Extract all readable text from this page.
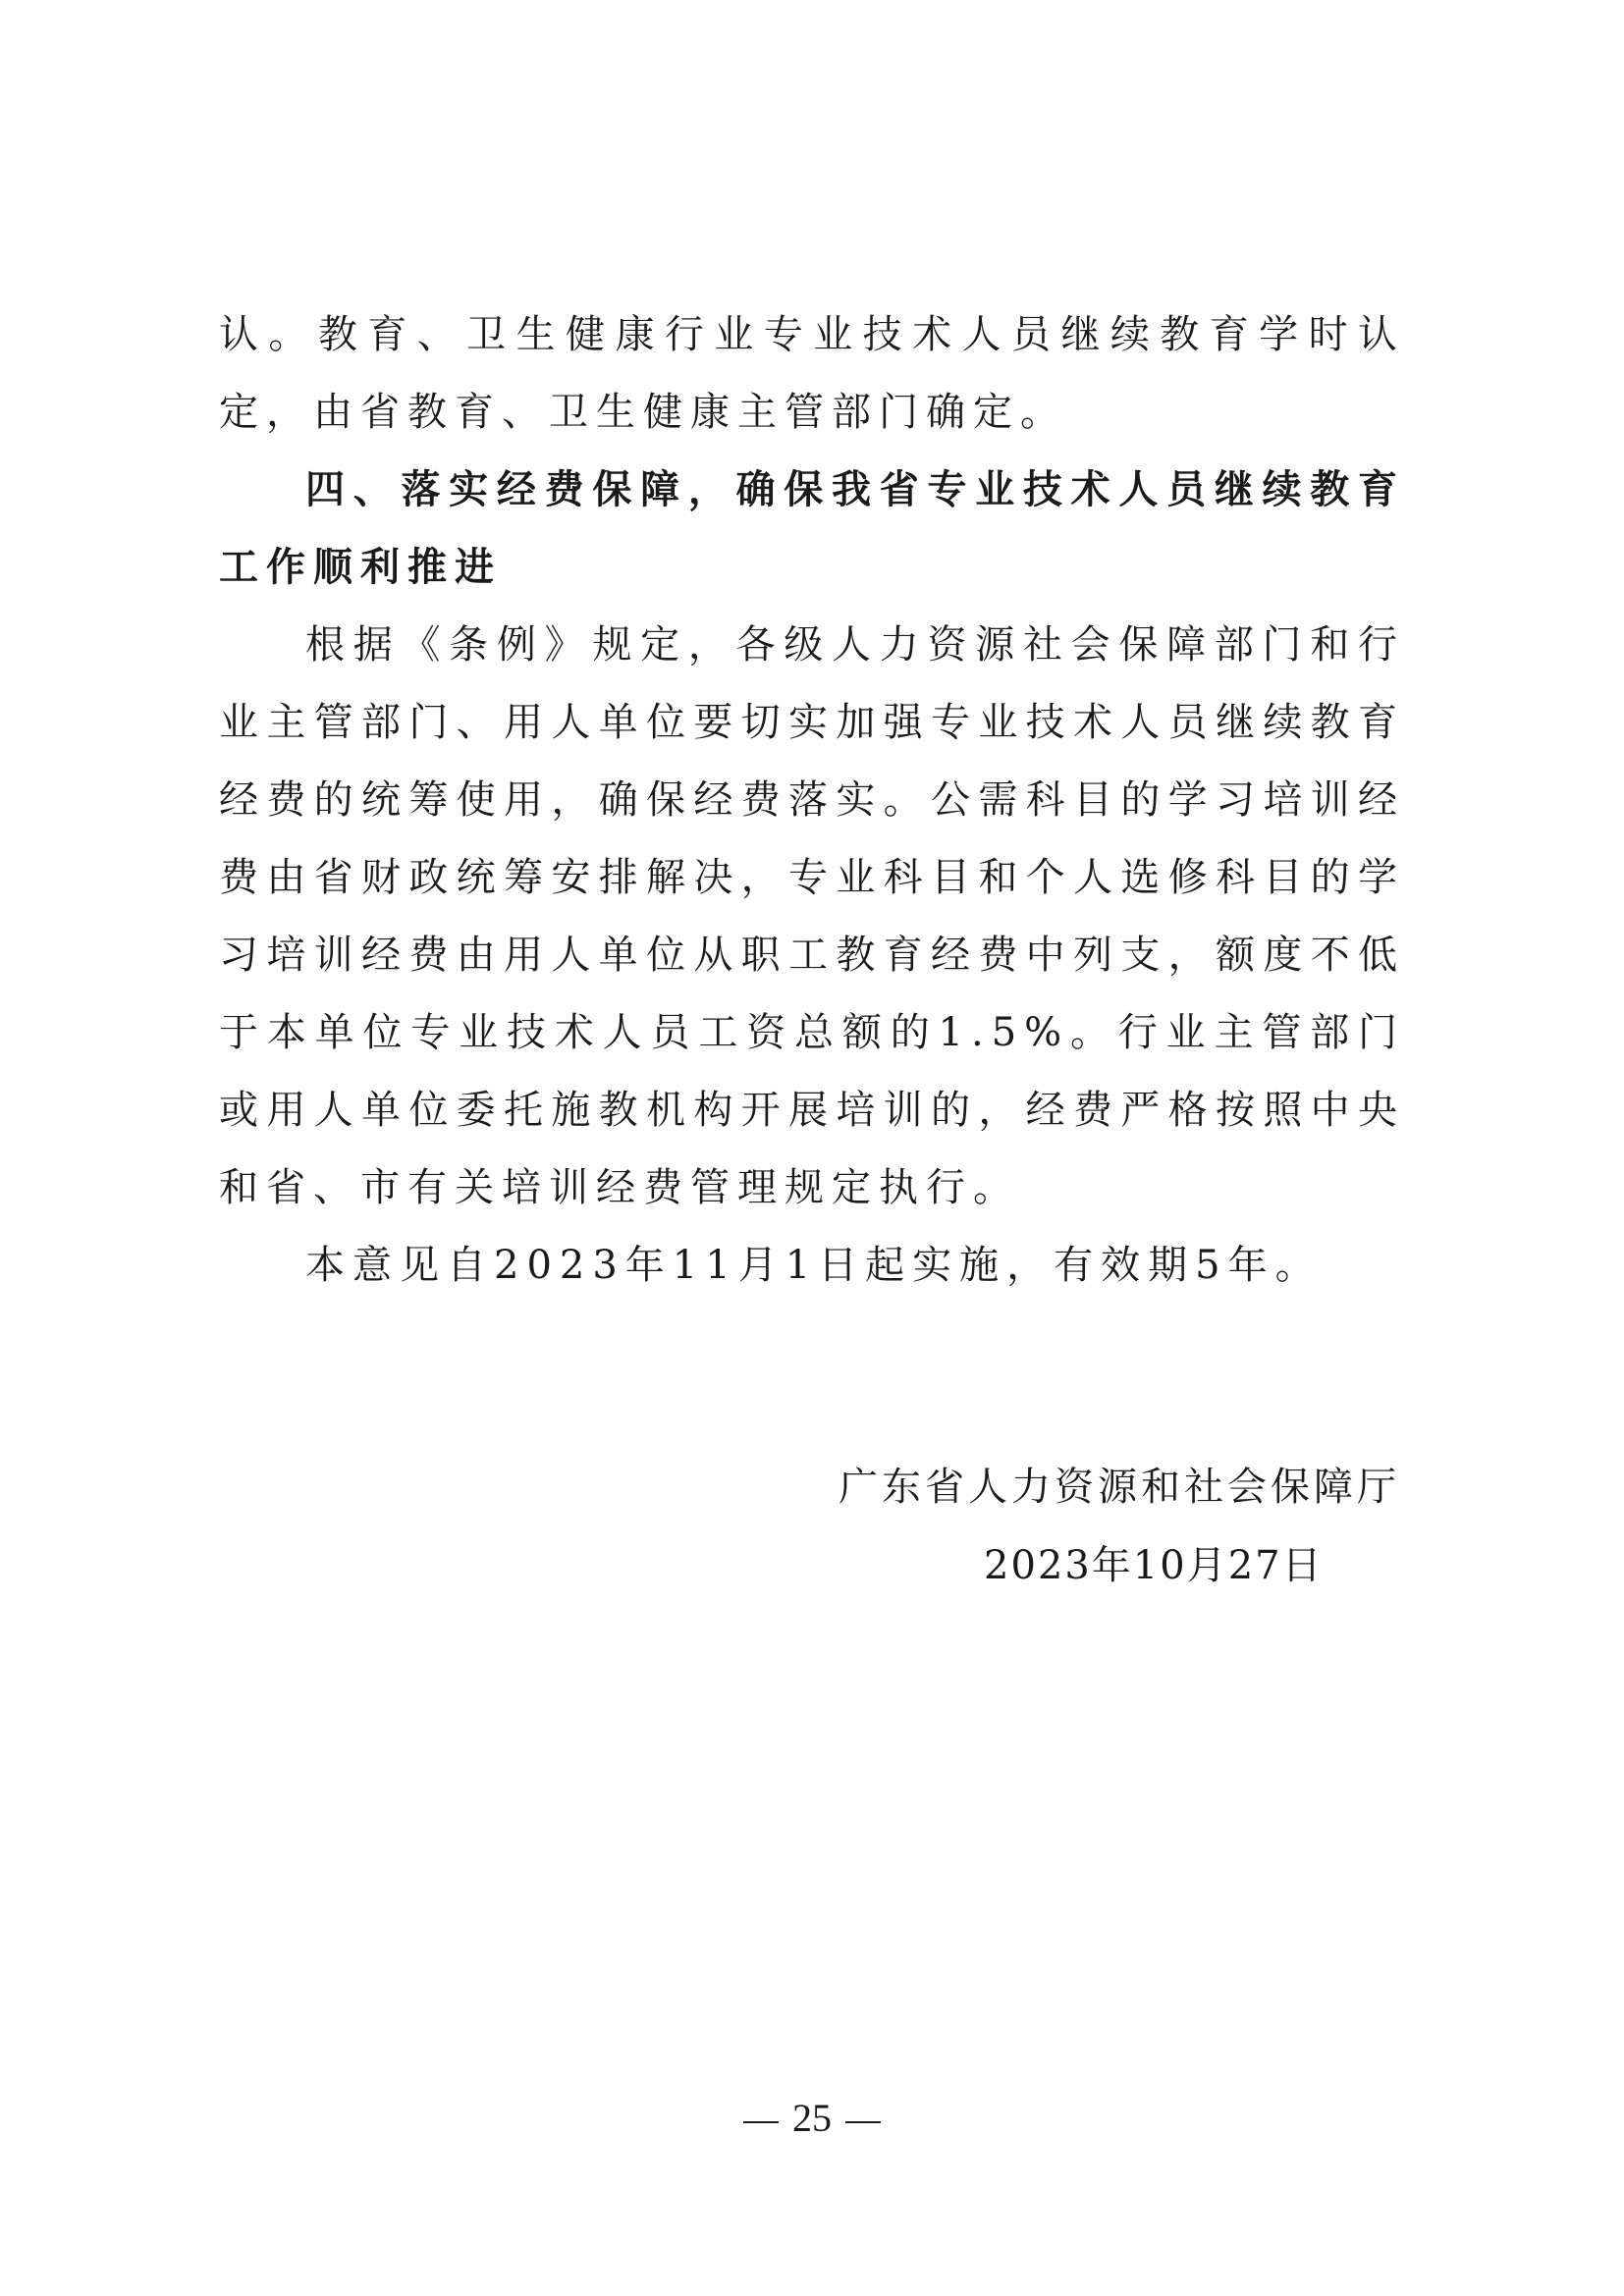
认。教育、卫生健康行业专业技术人员继续教育学时认定，由省教育、卫生健康主管部门确定。

四、落实经费保障，确保我省专业技术人员继续教育工作顺利推进

根据《条例》规定，各级人力资源社会保障部门和行业主管部门、用人单位要切实加强专业技术人员继续教育经费的统筹使用，确保经费落实。公需科目的学习培训经费由省财政统筹安排解决，专业科目和个人选修科目的学习培训经费由用人单位从职工教育经费中列支，额度不低于本单位专业技术人员工资总额的1.5%。行业主管部门或用人单位委托施教机构开展培训的，经费严格按照中央和省、市有关培训经费管理规定执行。

本意见自2023年11月1日起实施，有效期5年。

广东省人力资源和社会保障厅
2023年10月27日
25
